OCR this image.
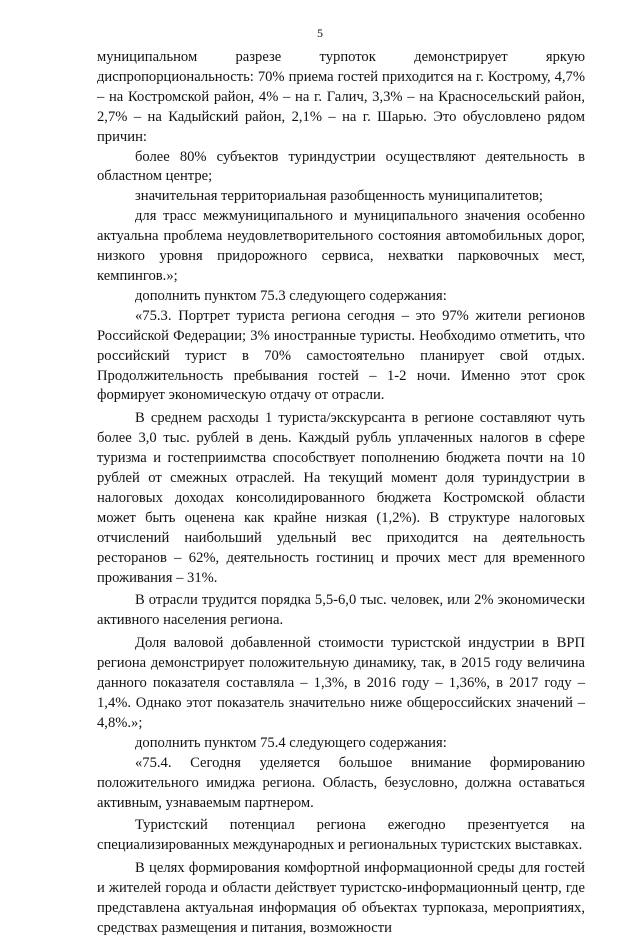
5

муниципальном разрезе турпоток демонстрирует яркую диспропорциональность: 70% приема гостей приходится на г. Кострому, 4,7% – на Костромской район, 4% – на г. Галич, 3,3% – на Красносельский район, 2,7% – на Кадыйский район, 2,1% – на г. Шарью. Это обусловлено рядом причин:

более 80% субъектов туриндустрии осуществляют деятельность в областном центре;

значительная территориальная разобщенность муниципалитетов;

для трасс межмуниципального и муниципального значения особенно актуальна проблема неудовлетворительного состояния автомобильных дорог, низкого уровня придорожного сервиса, нехватки парковочных мест, кемпингов.»;

дополнить пунктом 75.3 следующего содержания:

«75.3. Портрет туриста региона сегодня – это 97% жители регионов Российской Федерации; 3% иностранные туристы. Необходимо отметить, что российский турист в 70% самостоятельно планирует свой отдых. Продолжительность пребывания гостей – 1-2 ночи. Именно этот срок формирует экономическую отдачу от отрасли.

В среднем расходы 1 туриста/экскурсанта в регионе составляют чуть более 3,0 тыс. рублей в день. Каждый рубль уплаченных налогов в сфере туризма и гостеприимства способствует пополнению бюджета почти на 10 рублей от смежных отраслей. На текущий момент доля туриндустрии в налоговых доходах консолидированного бюджета Костромской области может быть оценена как крайне низкая (1,2%). В структуре налоговых отчислений наибольший удельный вес приходится на деятельность ресторанов – 62%, деятельность гостиниц и прочих мест для временного проживания – 31%.

В отрасли трудится порядка 5,5-6,0 тыс. человек, или 2% экономически активного населения региона.

Доля валовой добавленной стоимости туристской индустрии в ВРП региона демонстрирует положительную динамику, так, в 2015 году величина данного показателя составляла – 1,3%, в 2016 году – 1,36%, в 2017 году – 1,4%. Однако этот показатель значительно ниже общероссийских значений – 4,8%.»;

дополнить пунктом 75.4 следующего содержания:

«75.4. Сегодня уделяется большое внимание формированию положительного имиджа региона. Область, безусловно, должна оставаться активным, узнаваемым партнером.

Туристский потенциал региона ежегодно презентуется на специализированных международных и региональных туристских выставках.

В целях формирования комфортной информационной среды для гостей и жителей города и области действует туристско-информационный центр, где представлена актуальная информация об объектах турпоказа, мероприятиях, средствах размещения и питания, возможности
